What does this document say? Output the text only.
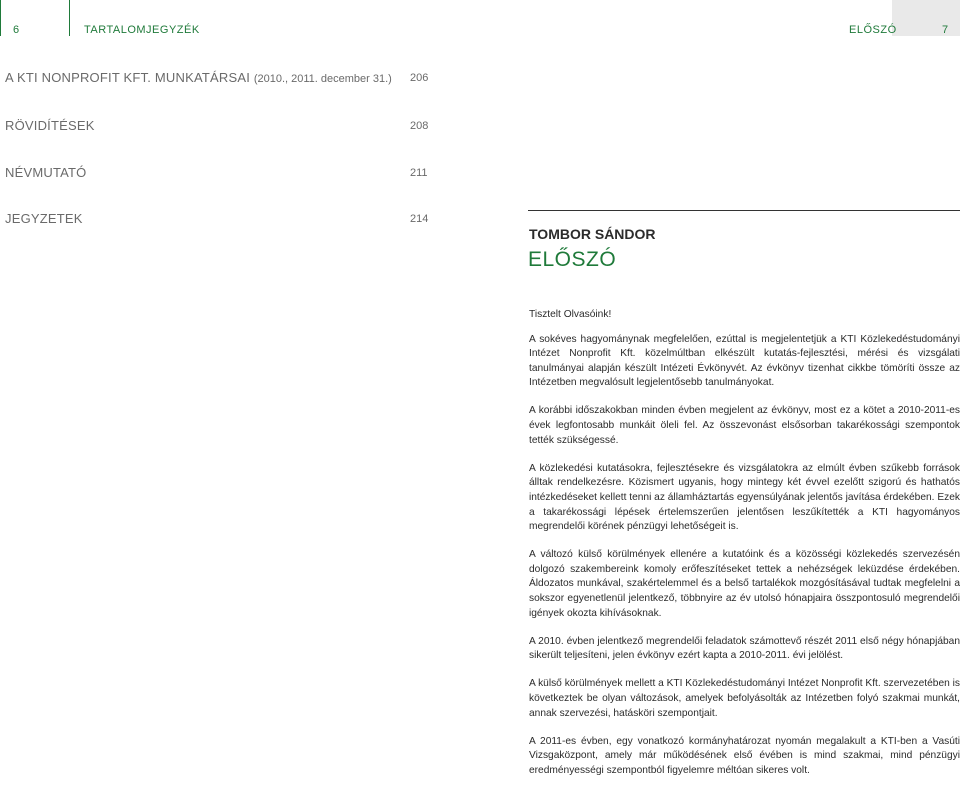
6	TARTALOMJEGYZÉK	ELŐSZÓ	7
A KTI NONPROFIT KFT. MUNKATÁRSAI (2010., 2011. december 31.) 206
RÖVIDÍTÉSEK	208
NÉVMUTATÓ	211
JEGYZETEK	214
TOMBOR SÁNDOR
ELŐSZÓ

Tisztelt Olvasóink!

A sokéves hagyománynak megfelelően, ezúttal is megjelentetjük a KTI Közlekedéstudományi Intézet Nonprofit Kft. közelmúltban elkészült kutatás-fejlesztési, mérési és vizsgálati tanulmányai alapján készült Intézeti Évkönyvét. Az évkönyv tizenhat cikkbe tömöríti össze az Intézetben megvalósult legjelentősebb tanulmányokat.

A korábbi időszakokban minden évben megjelent az évkönyv, most ez a kötet a 2010-2011-es évek legfontosabb munkáit öleli fel. Az összevonást elsősorban takarékossági szempontok tették szükségessé.

A közlekedési kutatásokra, fejlesztésekre és vizsgálatokra az elmúlt évben szűkebb források álltak rendelkezésre. Közismert ugyanis, hogy mintegy két évvel ezelőtt szigorú és hathatós intézkedéseket kellett tenni az államháztartás egyensúlyának jelentős javítása érdekében. Ezek a takarékossági lépések értelemszerűen jelentősen leszűkítették a KTI hagyományos megrendelői körének pénzügyi lehetőségeit is.

A változó külső körülmények ellenére a kutatóink és a közösségi közlekedés szervezésén dolgozó szakembereink komoly erőfeszítéseket tettek a nehézségek leküzdése érdekében. Áldozatos munkával, szakértelemmel és a belső tartalékok mozgósításával tudtak megfelelni a sokszor egyenetlenül jelentkező, többnyire az év utolsó hónapjaira összpontosuló megrendelői igények okozta kihívásoknak.

A 2010. évben jelentkező megrendelői feladatok számottevő részét 2011 első négy hónapjában sikerült teljesíteni, jelen évkönyv ezért kapta a 2010-2011. évi jelölést.

A külső körülmények mellett a KTI Közlekedéstudományi Intézet Nonprofit Kft. szervezetében is következtek be olyan változások, amelyek befolyásolták az Intézetben folyó szakmai munkát, annak szervezési, hatásköri szempontjait.

A 2011-es évben, egy vonatkozó kormányhatározat nyomán megalakult a KTI-ben a Vasúti Vizsgaközpont, amely már működésének első évében is mind szakmai, mind pénzügyi eredményességi szempontból figyelemre méltóan sikeres volt.
